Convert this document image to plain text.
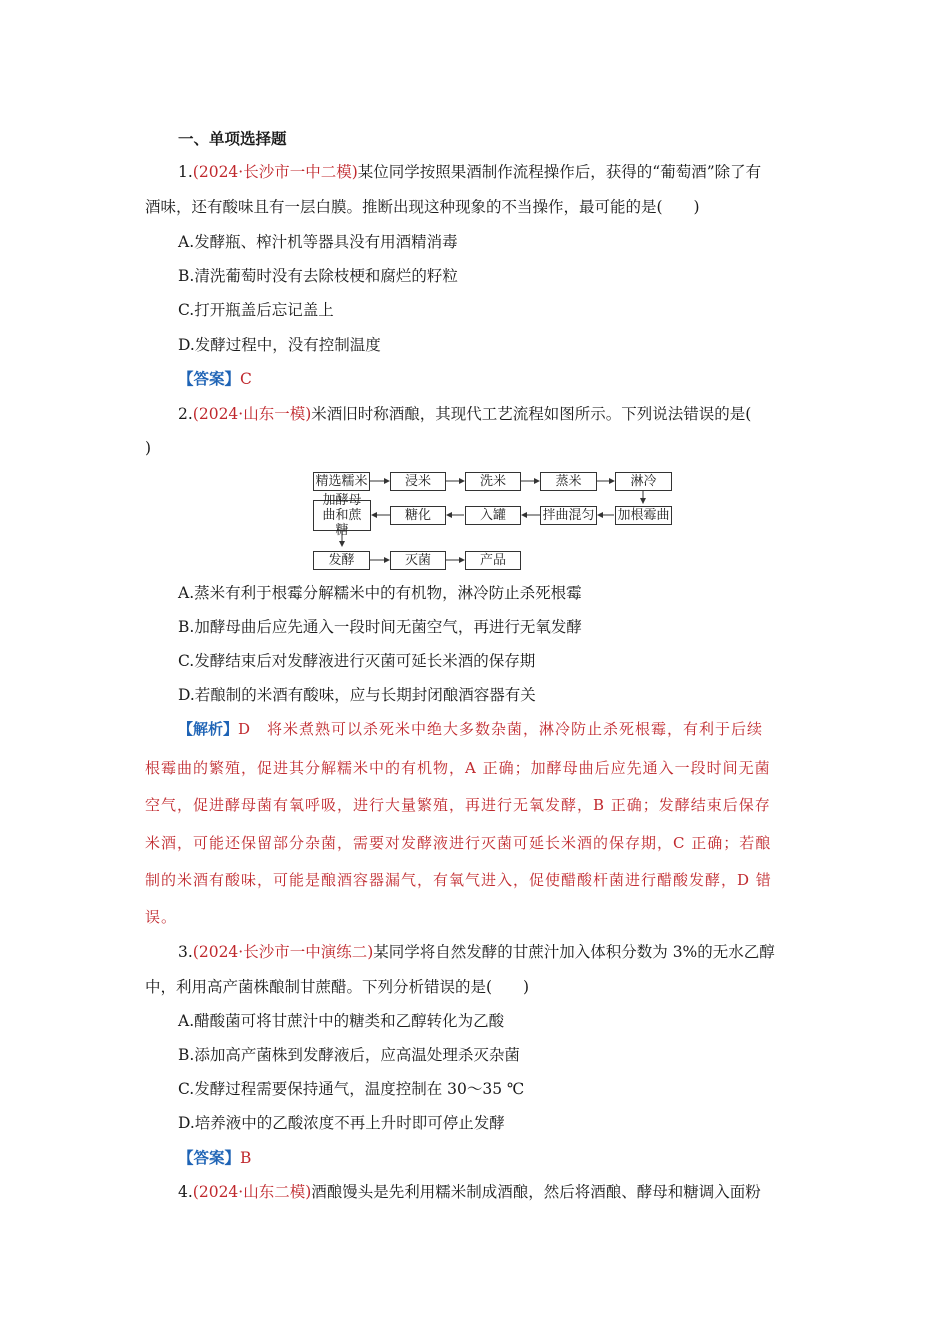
一、单项选择题
1.(2024·长沙市一中二模)某位同学按照果酒制作流程操作后，获得的“葡萄酒”除了有
酒味，还有酸味且有一层白膜。推断出现这种现象的不当操作，最可能的是(　　)
A.发酵瓶、榨汁机等器具没有用酒精消毒
B.清洗葡萄时没有去除枝梗和腐烂的籽粒
C.打开瓶盖后忘记盖上
D.发酵过程中，没有控制温度
【答案】C
2.(2024·山东一模)米酒旧时称酒酿，其现代工艺流程如图所示。下列说法错误的是(
)
精选糯米	浸米	洗米	蒸米	淋冷
加酵母曲和蔗糖
糖化	入罐	拌曲混匀 加根霉曲
发酵	灭菌	产品
A.蒸米有利于根霉分解糯米中的有机物，淋冷防止杀死根霉
B.加酵母曲后应先通入一段时间无菌空气，再进行无氧发酵
C.发酵结束后对发酵液进行灭菌可延长米酒的保存期
D.若酿制的米酒有酸味，应与长期封闭酿酒容器有关
【解析】D　将米煮熟可以杀死米中绝大多数杂菌，淋冷防止杀死根霉，有利于后续
根霉曲的繁殖，促进其分解糯米中的有机物，A 正确；加酵母曲后应先通入一段时间无菌
空气，促进酵母菌有氧呼吸，进行大量繁殖，再进行无氧发酵，B 正确；发酵结束后保存
米酒，可能还保留部分杂菌，需要对发酵液进行灭菌可延长米酒的保存期，C 正确；若酿
制的米酒有酸味，可能是酿酒容器漏气，有氧气进入，促使醋酸杆菌进行醋酸发酵，D 错
误。
3.(2024·长沙市一中演练二)某同学将自然发酵的甘蔗汁加入体积分数为 3%的无水乙醇
中，利用高产菌株酿制甘蔗醋。下列分析错误的是(　　)
A.醋酸菌可将甘蔗汁中的糖类和乙醇转化为乙酸
B.添加高产菌株到发酵液后，应高温处理杀灭杂菌
C.发酵过程需要保持通气，温度控制在 30～35 ℃
D.培养液中的乙酸浓度不再上升时即可停止发酵
【答案】B
4.(2024·山东二模)酒酿馒头是先利用糯米制成酒酿，然后将酒酿、酵母和糖调入面粉
